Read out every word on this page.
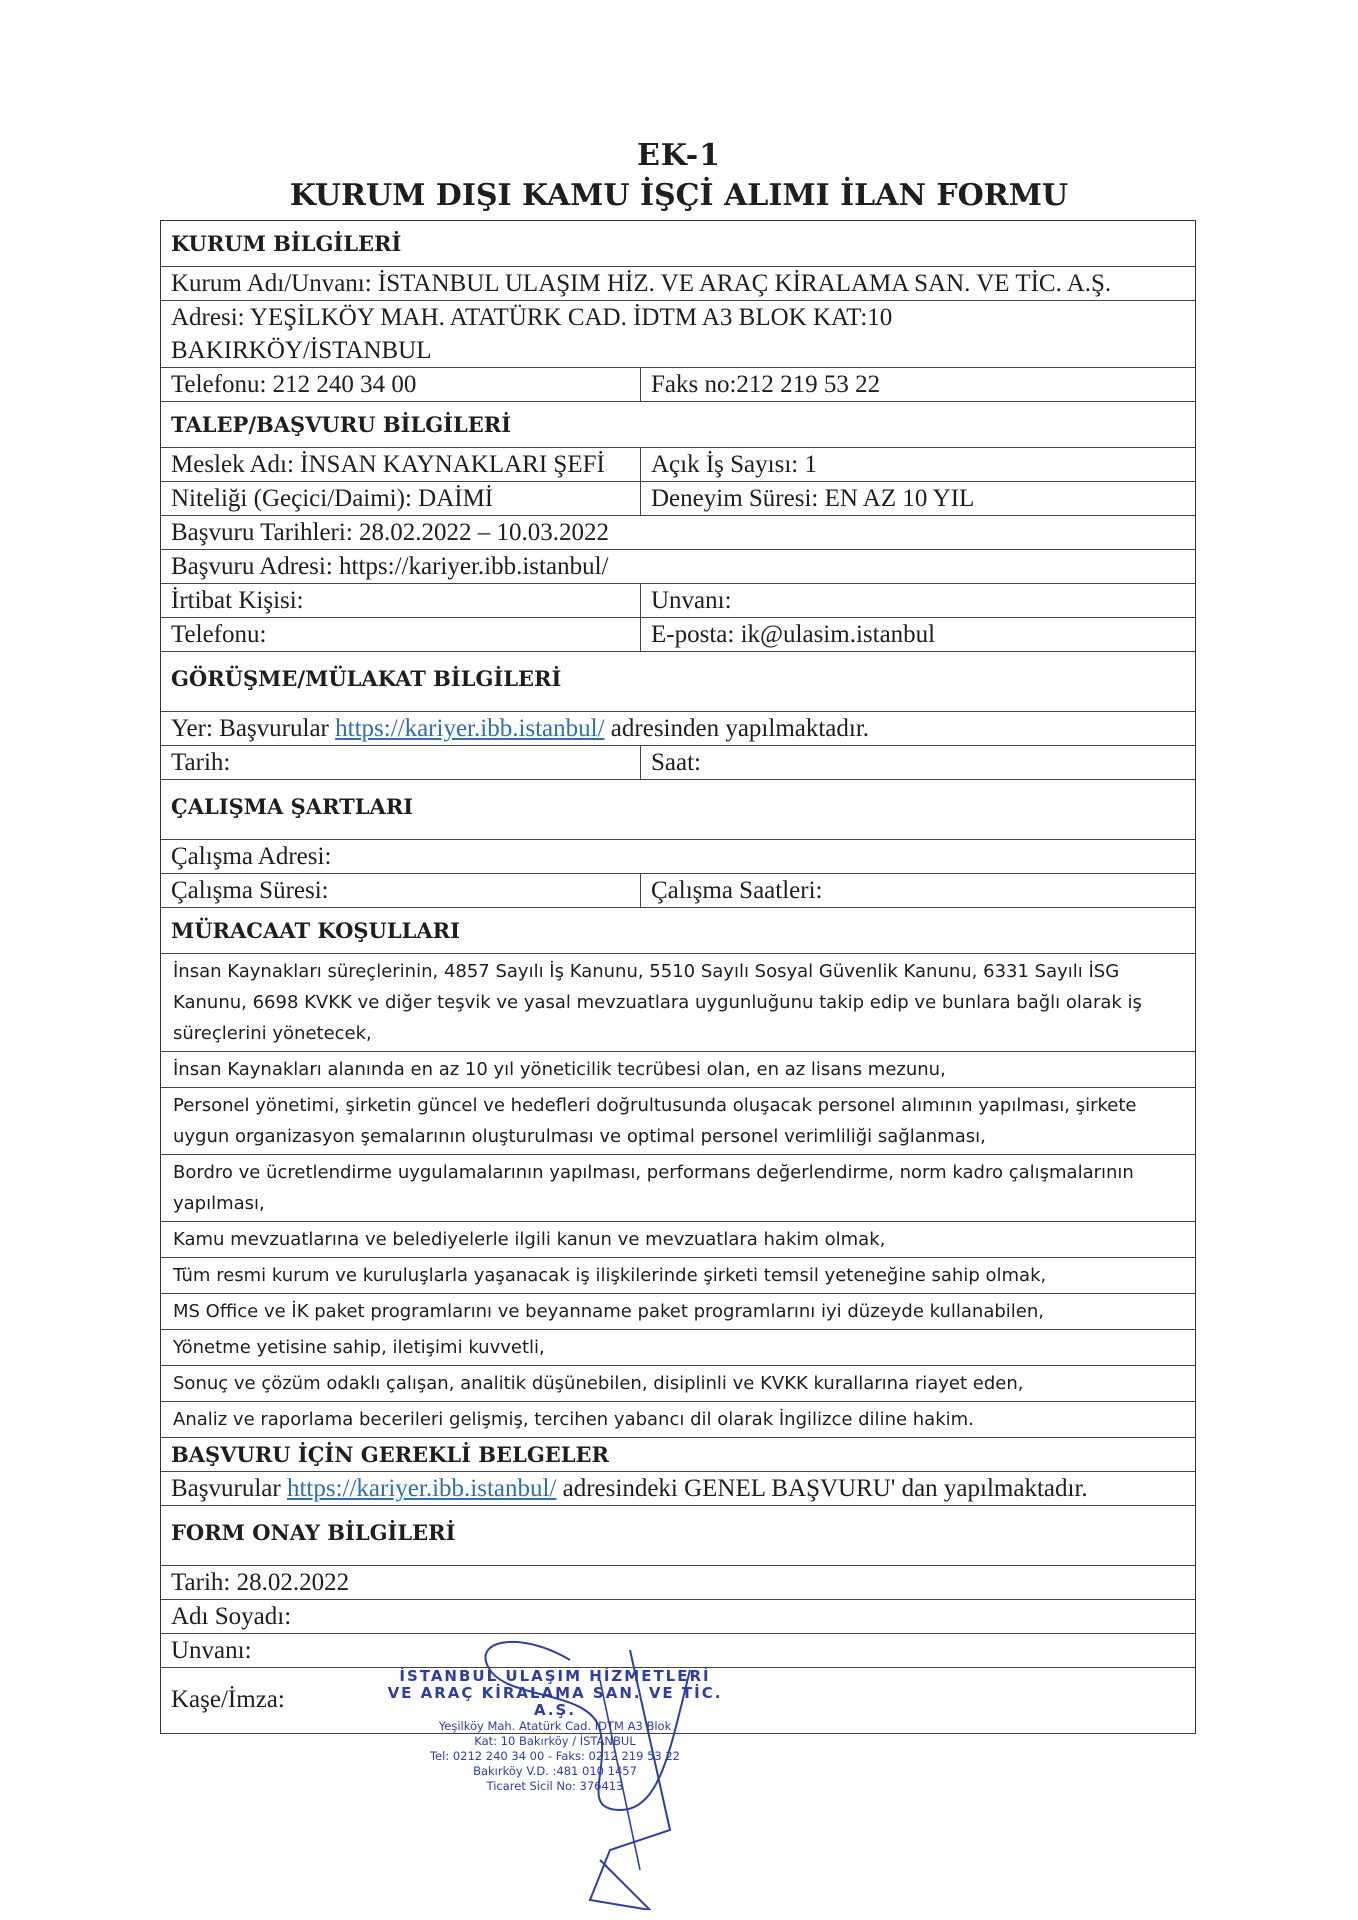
EK-1
KURUM DIŞI KAMU İŞÇİ ALIMI İLAN FORMU
KURUM BİLGİLERİ
Kurum Adı/Unvanı: İSTANBUL ULAŞIM HİZ. VE ARAÇ KİRALAMA SAN. VE TİC. A.Ş.
Adresi: YEŞİLKÖY MAH. ATATÜRK CAD. İDTM A3 BLOK KAT:10
BAKIRKÖY/İSTANBUL
Telefonu: 212 240 34 00	Faks no:212 219 53 22
TALEP/BAŞVURU BİLGİLERİ
Meslek Adı: İNSAN KAYNAKLARI ŞEFİ	Açık İş Sayısı: 1
Niteliği (Geçici/Daimi): DAİMİ	Deneyim Süresi: EN AZ 10 YIL
Başvuru Tarihleri: 28.02.2022 – 10.03.2022
Başvuru Adresi: https://kariyer.ibb.istanbul/
İrtibat Kişisi:	Unvanı:
Telefonu:	E-posta: ik@ulasim.istanbul
GÖRÜŞME/MÜLAKAT BİLGİLERİ
Yer: Başvurular https://kariyer.ibb.istanbul/ adresinden yapılmaktadır.
Tarih:	Saat:
ÇALIŞMA ŞARTLARI
Çalışma Adresi:
Çalışma Süresi:	Çalışma Saatleri:
MÜRACAAT KOŞULLARI
İnsan Kaynakları süreçlerinin, 4857 Sayılı İş Kanunu, 5510 Sayılı Sosyal Güvenlik Kanunu, 6331 Sayılı İSG Kanunu, 6698 KVKK ve diğer teşvik ve yasal mevzuatlara uygunluğunu takip edip ve bunlara bağlı olarak iş süreçlerini yönetecek,
İnsan Kaynakları alanında en az 10 yıl yöneticilik tecrübesi olan, en az lisans mezunu,
Personel yönetimi, şirketin güncel ve hedefleri doğrultusunda oluşacak personel alımının yapılması, şirkete uygun organizasyon şemalarının oluşturulması ve optimal personel verimliliği sağlanması,
Bordro ve ücretlendirme uygulamalarının yapılması, performans değerlendirme, norm kadro çalışmalarının yapılması,
Kamu mevzuatlarına ve belediyelerle ilgili kanun ve mevzuatlara hakim olmak,
Tüm resmi kurum ve kuruluşlarla yaşanacak iş ilişkilerinde şirketi temsil yeteneğine sahip olmak,
MS Office ve İK paket programlarını ve beyanname paket programlarını iyi düzeyde kullanabilen,
Yönetme yetisine sahip, iletişimi kuvvetli,
Sonuç ve çözüm odaklı çalışan, analitik düşünebilen, disiplinli ve KVKK kurallarına riayet eden,
Analiz ve raporlama becerileri gelişmiş, tercihen yabancı dil olarak İngilizce diline hakim.
BAŞVURU İÇİN GEREKLİ BELGELER
Başvurular https://kariyer.ibb.istanbul/ adresindeki GENEL BAŞVURU' dan yapılmaktadır.
FORM ONAY BİLGİLERİ
Tarih: 28.02.2022
Adı Soyadı:
Unvanı:
Kaşe/İmza:
İSTANBUL ULAŞIM HİZMETLERİ
VE ARAÇ KİRALAMA SAN. VE TİC. A.Ş.
Yeşilköy Mah. Atatürk Cad. İDTM A3 Blok
Kat: 10 Bakırköy / İSTANBUL
Tel: 0212 240 34 00 - Faks: 0212 219 53 22
Bakırköy V.D. :481 010 1457
Ticaret Sicil No: 376413
